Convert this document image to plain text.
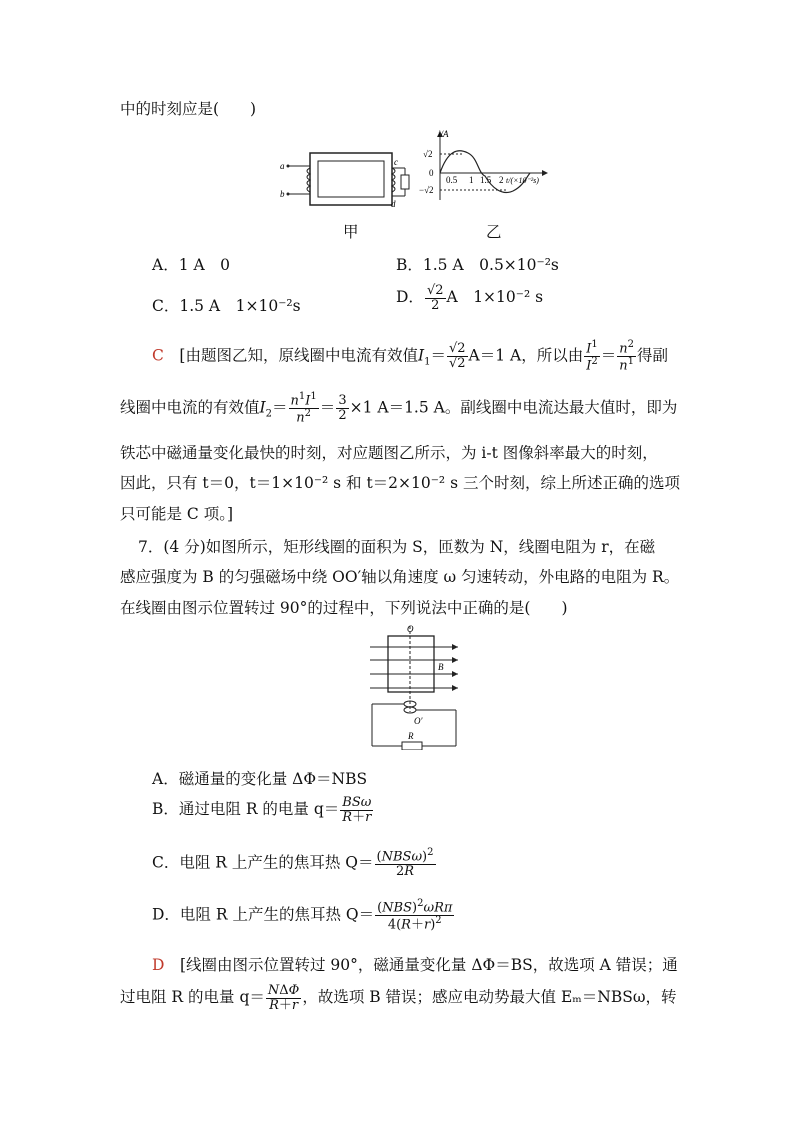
中的时刻应是(　　)
a
b
c
d
i/A
√2
0
−√2
0.5 1 1.5 2 t/(×10⁻²s)
甲	乙
A．1 A　0	B．1.5 A　0.5×10⁻²s
C．1.5 A　1×10⁻²s	D． $\frac{√2}{2}$ A　1×10⁻² s
C　 [由题图乙知，原线圈中电流有效值$I_1= \frac{√2}{√2} A=1$ A，所以由 $\frac{I^1}{I^2} = \frac{n^2}{n^1}$ 得副
线圈中电流的有效值$I_2= \frac{n^1I^1}{n^2} = \frac{3}{2} \times 1$ A＝1.5 A。副线圈中电流达最大值时，即为
铁芯中磁通量变化最快的时刻，对应题图乙所示，为 i-t 图像斜率最大的时刻，
因此，只有 t＝0，t＝1×10⁻² s 和 t＝2×10⁻² s 三个时刻，综上所述正确的选项
只可能是 C 项。]
7．(4 分)如图所示，矩形线圈的面积为 S，匝数为 N，线圈电阻为 r，在磁
感应强度为 B 的匀强磁场中绕 OO′轴以角速度 ω 匀速转动，外电路的电阻为 R。
在线圈由图示位置转过 90°的过程中，下列说法中正确的是(　　)
O
B
O′
R
A．磁通量的变化量 ΔΦ＝NBS
B．通过电阻 R 的电量 $q= \frac{\text{BSω}}{R+r}$
C．电阻 R 上产生的焦耳热 $Q= \frac{(NBS\omega)^2}{2R}$
D．电阻 R 上产生的焦耳热 $Q= \frac{(NBS)^2\omega R\pi}{4(R+r)^2}$
D　 [线圈由图示位置转过 90°，磁通量变化量 ΔΦ＝BS，故选项 A 错误；通
过电阻 R 的电量 $q= \frac{\text{NΔΦ}}{R+r}$ ，故选项 B 错误；感应电动势最大值 Eₘ＝NBSω，转
